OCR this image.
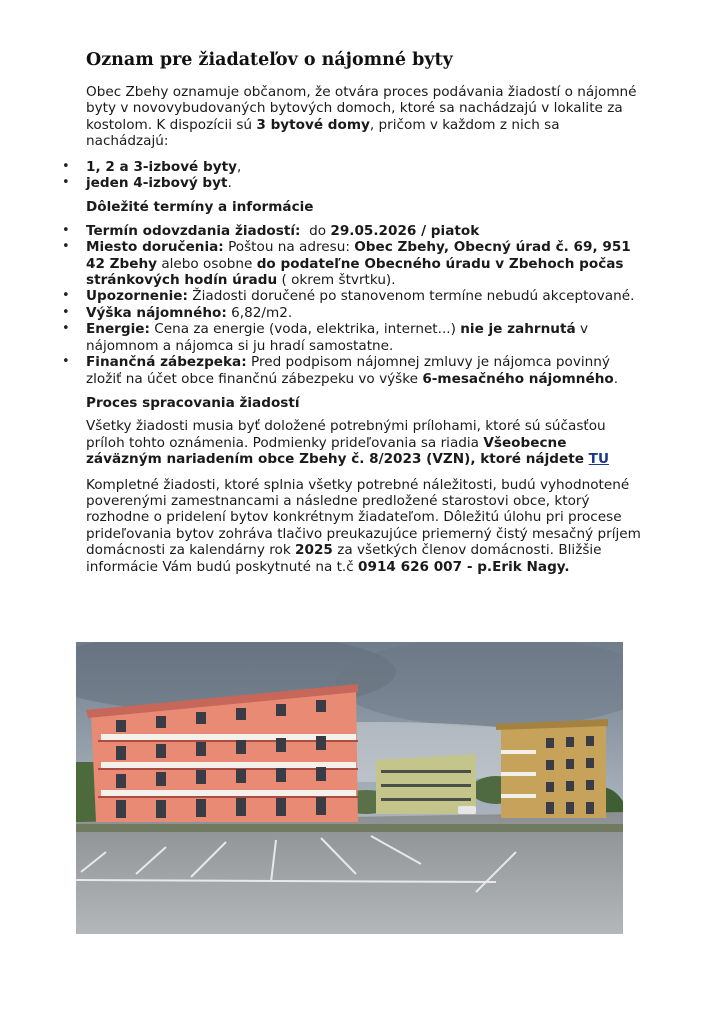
Oznam pre žiadateľov o nájomné byty

Obec Zbehy oznamuje občanom, že otvára proces podávania žiadostí o nájomné byty v novovybudovaných bytových domoch, ktoré sa nachádzajú v lokalite za kostolom. K dispozícii sú 3 bytové domy, pričom v každom z nich sa nachádzajú:

• 1, 2 a 3-izbové byty,
• jeden 4-izbový byt.
Dôležité termíny a informácie
• Termín odovzdania žiadostí:  do 29.05.2026 / piatok
• Miesto doručenia: Poštou na adresu: Obec Zbehy, Obecný úrad č. 69, 951 42 Zbehy alebo osobne do podateľne Obecného úradu v Zbehoch počas stránkových hodín úradu ( okrem štvrtku).
• Upozornenie: Žiadosti doručené po stanovenom termíne nebudú akceptované.
• Výška nájomného: 6,82/m2.
• Energie: Cena za energie (voda, elektrika, internet...) nie je zahrnutá v nájomnom a nájomca si ju hradí samostatne.
• Finančná zábezpeka: Pred podpisom nájomnej zmluvy je nájomca povinný zložiť na účet obce finančnú zábezpeku vo výške 6-mesačného nájomného.
Proces spracovania žiadostí

Všetky žiadosti musia byť doložené potrebnými prílohami, ktoré sú súčasťou príloh tohto oznámenia. Podmienky prideľovania sa riadia Všeobecne záväzným nariadením obce Zbehy č. 8/2023 (VZN), ktoré nájdete TU

Kompletné žiadosti, ktoré splnia všetky potrebné náležitosti, budú vyhodnotené poverenými zamestnancami a následne predložené starostovi obce, ktorý rozhodne o pridelení bytov konkrétnym žiadateľom. Dôležitú úlohu pri procese prideľovania bytov zohráva tlačivo preukazujúce priemerný čistý mesačný príjem domácnosti za kalendárny rok 2025 za všetkých členov domácnosti. Bližšie informácie Vám budú poskytnuté na t.č 0914 626 007 - p.Erik Nagy.
